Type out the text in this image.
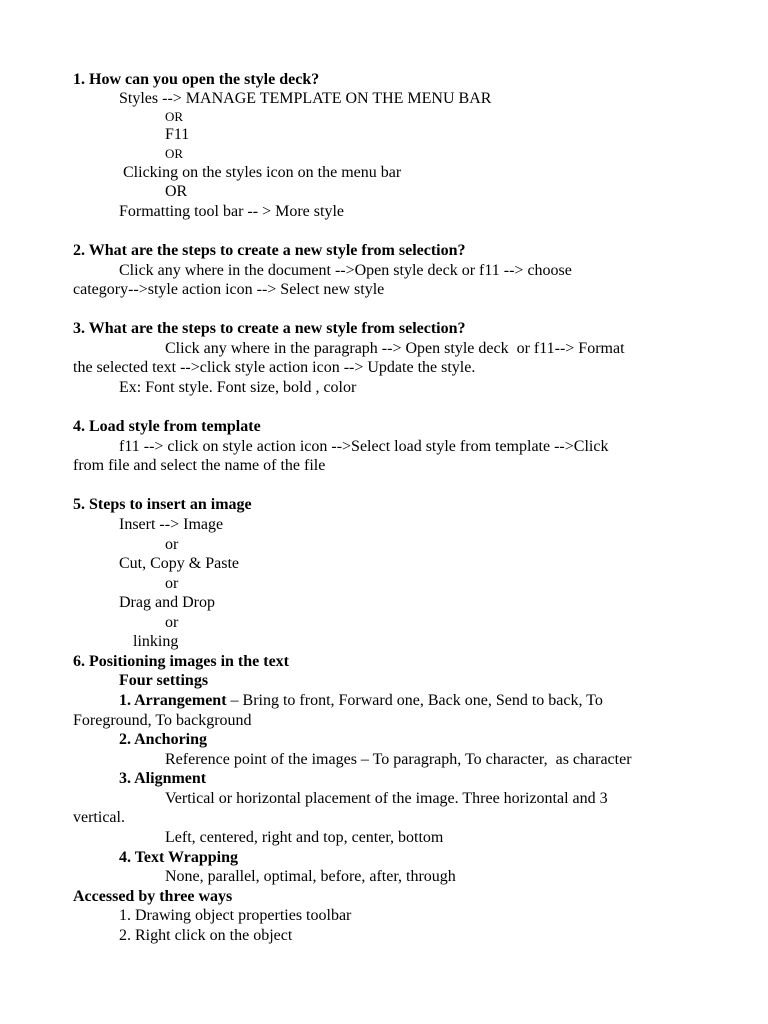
1. How can you open the style deck?
Styles --> MANAGE TEMPLATE ON THE MENU BAR
OR
F11
OR
Clicking on the styles icon on the menu bar
OR
Formatting tool bar -- > More style
2. What are the steps to create a new style from selection?
Click any where in the document -->Open style deck or f11 --> choose
category-->style action icon --> Select new style
3. What are the steps to create a new style from selection?
Click any where in the paragraph --> Open style deck  or f11--> Format
the selected text -->click style action icon --> Update the style.
Ex: Font style. Font size, bold , color
4. Load style from template
f11 --> click on style action icon -->Select load style from template -->Click
from file and select the name of the file
5. Steps to insert an image
Insert --> Image
or
Cut, Copy & Paste
or
Drag and Drop
or
linking
6. Positioning images in the text
Four settings
1. Arrangement – Bring to front, Forward one, Back one, Send to back, To
Foreground, To background
2. Anchoring
Reference point of the images – To paragraph, To character,  as character
3. Alignment
Vertical or horizontal placement of the image. Three horizontal and 3
vertical.
Left, centered, right and top, center, bottom
4. Text Wrapping
None, parallel, optimal, before, after, through
Accessed by three ways
1. Drawing object properties toolbar
2. Right click on the object
